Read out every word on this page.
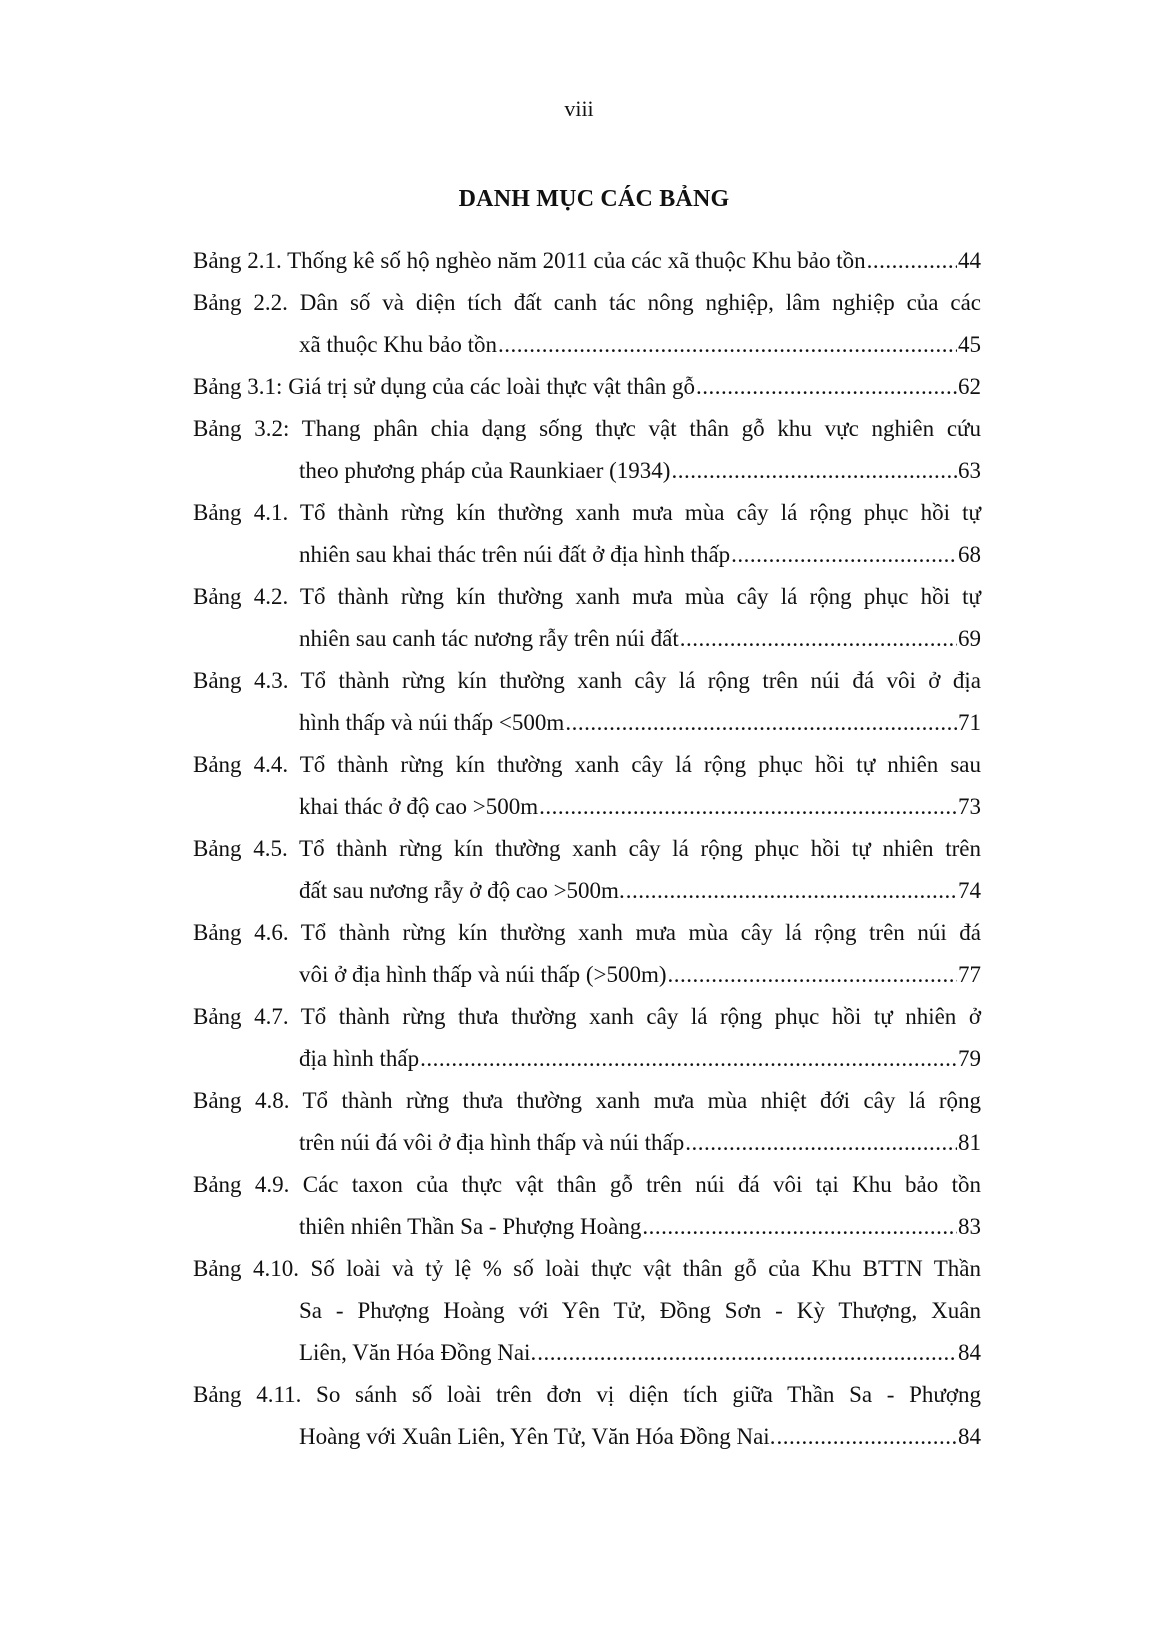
viii
DANH MỤC CÁC BẢNG
Bảng 2.1. Thống kê số hộ nghèo năm 2011 của các xã thuộc Khu bảo tồn .....	44
Bảng 2.2. Dân số và diện tích đất canh tác nông nghiệp, lâm nghiệp của các
xã thuộc Khu bảo tồn .....	45
Bảng 3.1: Giá trị sử dụng của các loài thực vật thân gỗ .....	62
Bảng 3.2: Thang phân chia dạng sống thực vật thân gỗ khu vực nghiên cứu
theo phương pháp của Raunkiaer (1934) .....	63
Bảng 4.1. Tổ thành rừng kín thường xanh mưa mùa cây lá rộng phục hồi tự
nhiên sau khai thác trên núi đất ở địa hình thấp .....	68
Bảng 4.2. Tổ thành rừng kín thường xanh mưa mùa cây lá rộng phục hồi tự
nhiên sau canh tác nương rẫy trên núi đất .....	69
Bảng 4.3. Tổ thành rừng kín thường xanh cây lá rộng trên núi đá vôi ở địa
hình thấp và núi thấp <500m .....	71
Bảng 4.4. Tổ thành rừng kín thường xanh cây lá rộng phục hồi tự nhiên sau
khai thác ở độ cao >500m .....	73
Bảng 4.5. Tổ thành rừng kín thường xanh cây lá rộng phục hồi tự nhiên trên
đất sau nương rẫy ở độ cao >500m. .....	74
Bảng 4.6. Tổ thành rừng kín thường xanh mưa mùa cây lá rộng trên núi đá
vôi ở địa hình thấp và núi thấp (>500m) .....	77
Bảng 4.7. Tổ thành rừng thưa thường xanh cây lá rộng phục hồi tự nhiên ở
địa hình thấp .....	79
Bảng 4.8. Tổ thành rừng thưa thường xanh mưa mùa nhiệt đới cây lá rộng
trên núi đá vôi ở địa hình thấp và núi thấp .....	81
Bảng 4.9. Các taxon của thực vật thân gỗ trên núi đá vôi tại Khu bảo tồn
thiên nhiên Thần Sa - Phượng Hoàng .....	83
Bảng 4.10. Số loài và tỷ lệ % số loài thực vật thân gỗ của Khu BTTN Thần
Sa - Phượng Hoàng với Yên Tử, Đồng Sơn - Kỳ Thượng, Xuân
Liên, Văn Hóa Đồng Nai. .....	84
Bảng 4.11. So sánh số loài trên đơn vị diện tích giữa Thần Sa - Phượng
Hoàng với Xuân Liên, Yên Tử, Văn Hóa Đồng Nai. .....	84
